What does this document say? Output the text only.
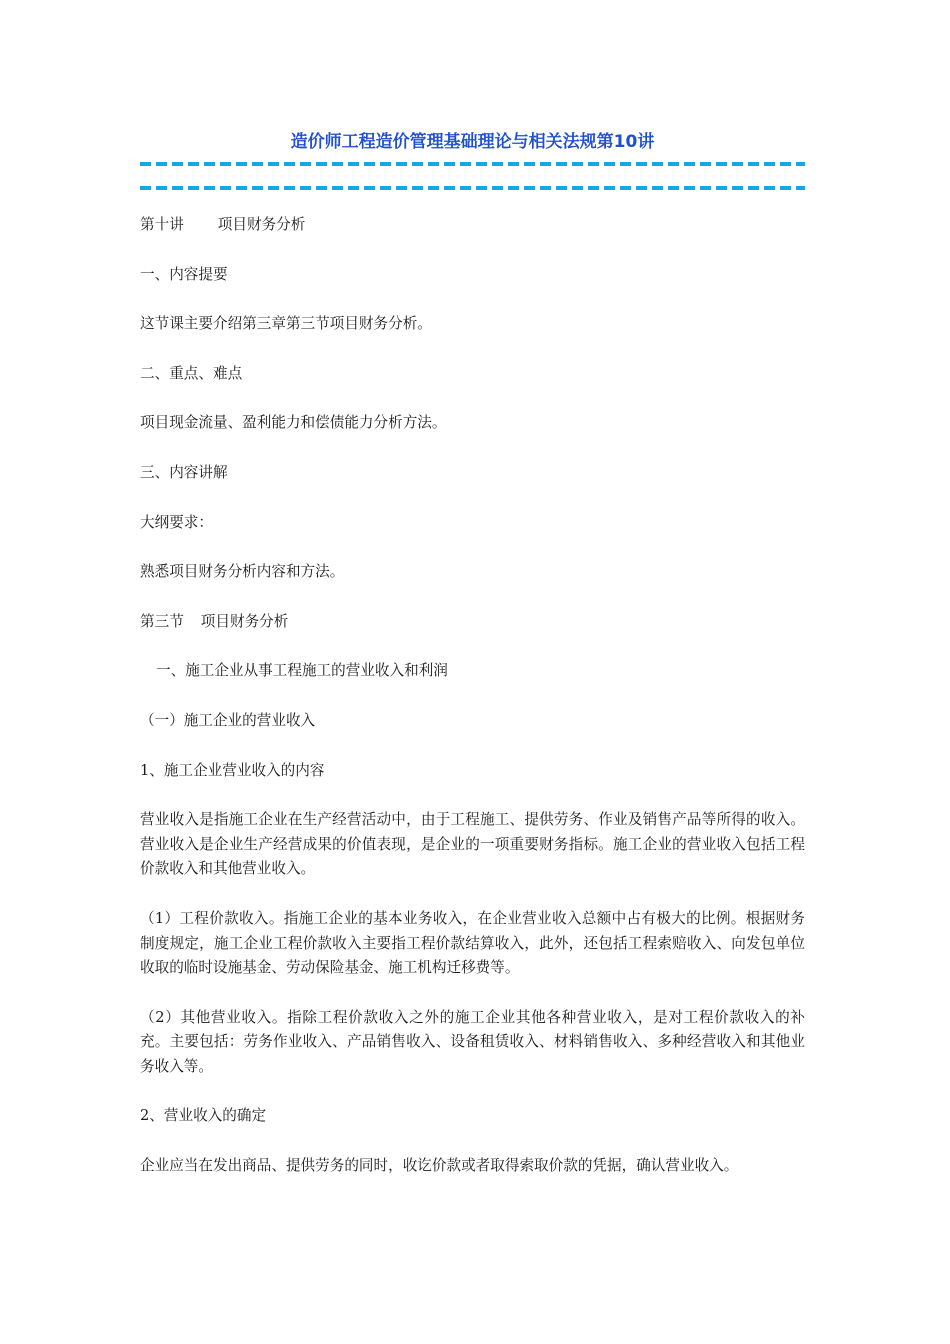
造价师工程造价管理基础理论与相关法规第10讲

第十讲 项目财务分析

一、内容提要

这节课主要介绍第三章第三节项目财务分析。

二、重点、难点

项目现金流量、盈利能力和偿债能力分析方法。

三、内容讲解

大纲要求：

熟悉项目财务分析内容和方法。

第三节 项目财务分析

一、施工企业从事工程施工的营业收入和利润

（一）施工企业的营业收入

1、施工企业营业收入的内容

营业收入是指施工企业在生产经营活动中，由于工程施工、提供劳务、作业及销售产品等所得的收入。营业收入是企业生产经营成果的价值表现，是企业的一项重要财务指标。施工企业的营业收入包括工程价款收入和其他营业收入。

（1）工程价款收入。指施工企业的基本业务收入，在企业营业收入总额中占有极大的比例。根据财务制度规定，施工企业工程价款收入主要指工程价款结算收入，此外，还包括工程索赔收入、向发包单位收取的临时设施基金、劳动保险基金、施工机构迁移费等。

（2）其他营业收入。指除工程价款收入之外的施工企业其他各种营业收入，是对工程价款收入的补充。主要包括：劳务作业收入、产品销售收入、设备租赁收入、材料销售收入、多种经营收入和其他业务收入等。

2、营业收入的确定

企业应当在发出商品、提供劳务的同时，收讫价款或者取得索取价款的凭据，确认营业收入。
